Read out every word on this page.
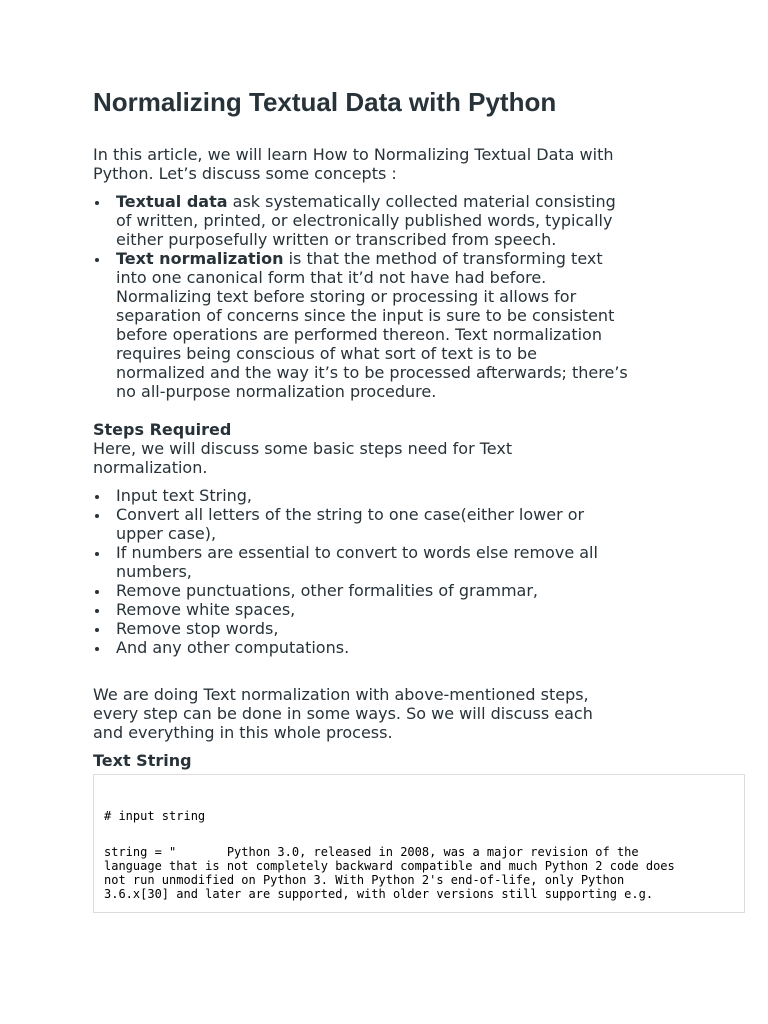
Normalizing Textual Data with Python

In this article, we will learn How to Normalizing Textual Data with
Python. Let’s discuss some concepts :

Textual data ask systematically collected material consisting
of written, printed, or electronically published words, typically
either purposefully written or transcribed from speech.
Text normalization is that the method of transforming text
into one canonical form that it’d not have had before.
Normalizing text before storing or processing it allows for
separation of concerns since the input is sure to be consistent
before operations are performed thereon. Text normalization
requires being conscious of what sort of text is to be
normalized and the way it’s to be processed afterwards; there’s
no all-purpose normalization procedure.
Steps Required

Here, we will discuss some basic steps need for Text
normalization.

Input text String,
Convert all letters of the string to one case(either lower or
upper case),
If numbers are essential to convert to words else remove all
numbers,
Remove punctuations, other formalities of grammar,
Remove white spaces,
Remove stop words,
And any other computations.

We are doing Text normalization with above-mentioned steps,
every step can be done in some ways. So we will discuss each
and everything in this whole process.

Text String
# input string
string = "       Python 3.0, released in 2008, was a major revision of the
language that is not completely backward compatible and much Python 2 code does
not run unmodified on Python 3. With Python 2's end-of-life, only Python
3.6.x[30] and later are supported, with older versions still supporting e.g.
